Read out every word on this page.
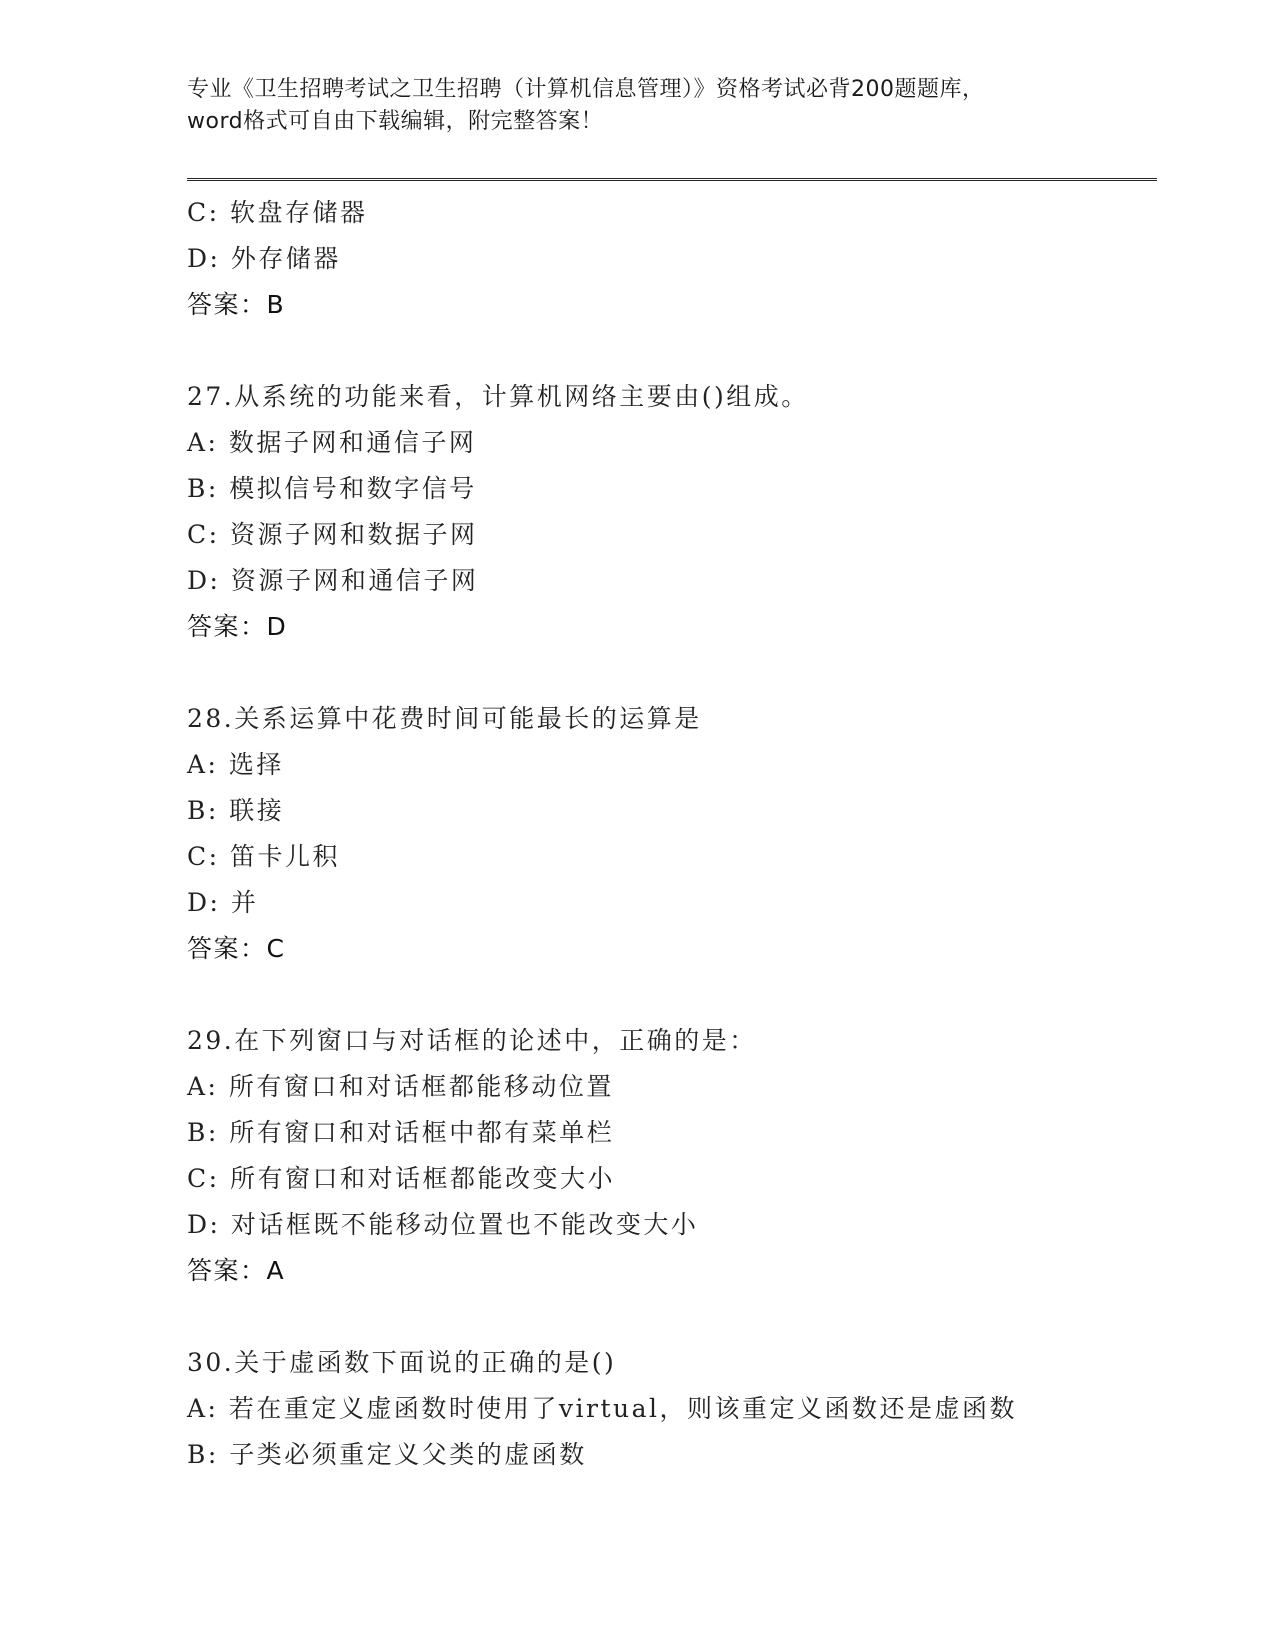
专业《卫生招聘考试之卫生招聘（计算机信息管理）》资格考试必背200题题库，
word格式可自由下载编辑，附完整答案！
C: 软盘存储器
D: 外存储器
答案：B
27.从系统的功能来看，计算机网络主要由()组成。
A: 数据子网和通信子网
B: 模拟信号和数字信号
C: 资源子网和数据子网
D: 资源子网和通信子网
答案：D
28.关系运算中花费时间可能最长的运算是
A: 选择
B: 联接
C: 笛卡儿积
D: 并
答案：C
29.在下列窗口与对话框的论述中，正确的是：
A: 所有窗口和对话框都能移动位置
B: 所有窗口和对话框中都有菜单栏
C: 所有窗口和对话框都能改变大小
D: 对话框既不能移动位置也不能改变大小
答案：A
30.关于虚函数下面说的正确的是()
A: 若在重定义虚函数时使用了virtual，则该重定义函数还是虚函数
B: 子类必须重定义父类的虚函数
